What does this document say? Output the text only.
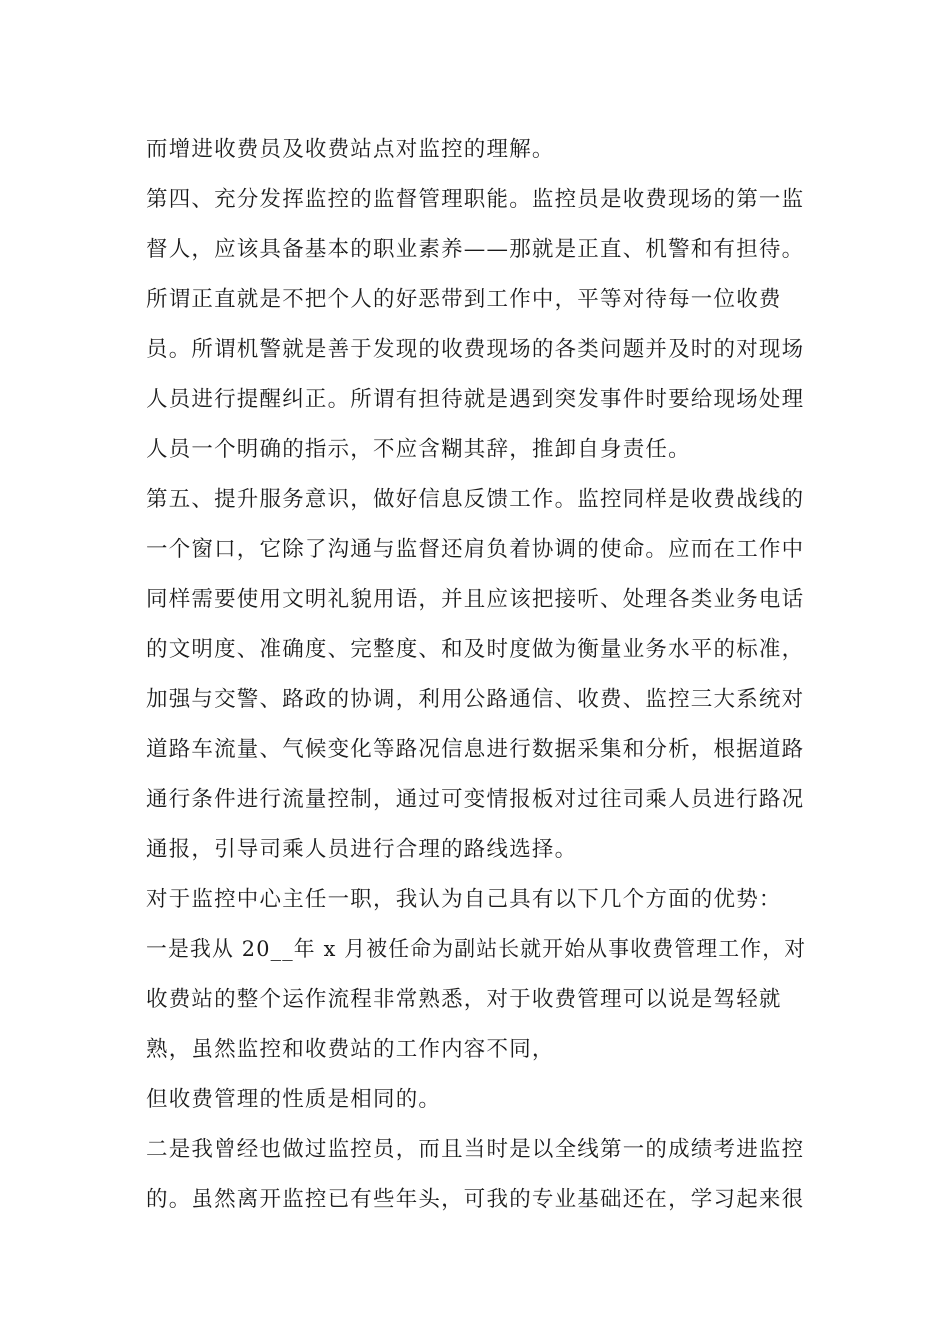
而增进收费员及收费站点对监控的理解。
第四、充分发挥监控的监督管理职能。监控员是收费现场的第一监
督人，应该具备基本的职业素养——那就是正直、机警和有担待。
所谓正直就是不把个人的好恶带到工作中，平等对待每一位收费
员。所谓机警就是善于发现的收费现场的各类问题并及时的对现场
人员进行提醒纠正。所谓有担待就是遇到突发事件时要给现场处理
人员一个明确的指示，不应含糊其辞，推卸自身责任。
第五、提升服务意识，做好信息反馈工作。监控同样是收费战线的
一个窗口，它除了沟通与监督还肩负着协调的使命。应而在工作中
同样需要使用文明礼貌用语，并且应该把接听、处理各类业务电话
的文明度、准确度、完整度、和及时度做为衡量业务水平的标准，
加强与交警、路政的协调，利用公路通信、收费、监控三大系统对
道路车流量、气候变化等路况信息进行数据采集和分析，根据道路
通行条件进行流量控制，通过可变情报板对过往司乘人员进行路况
通报，引导司乘人员进行合理的路线选择。
对于监控中心主任一职，我认为自己具有以下几个方面的优势：
一是我从 20__年 x 月被任命为副站长就开始从事收费管理工作，对
收费站的整个运作流程非常熟悉，对于收费管理可以说是驾轻就
熟，虽然监控和收费站的工作内容不同，
但收费管理的性质是相同的。
二是我曾经也做过监控员，而且当时是以全线第一的成绩考进监控
的。虽然离开监控已有些年头，可我的专业基础还在，学习起来很
